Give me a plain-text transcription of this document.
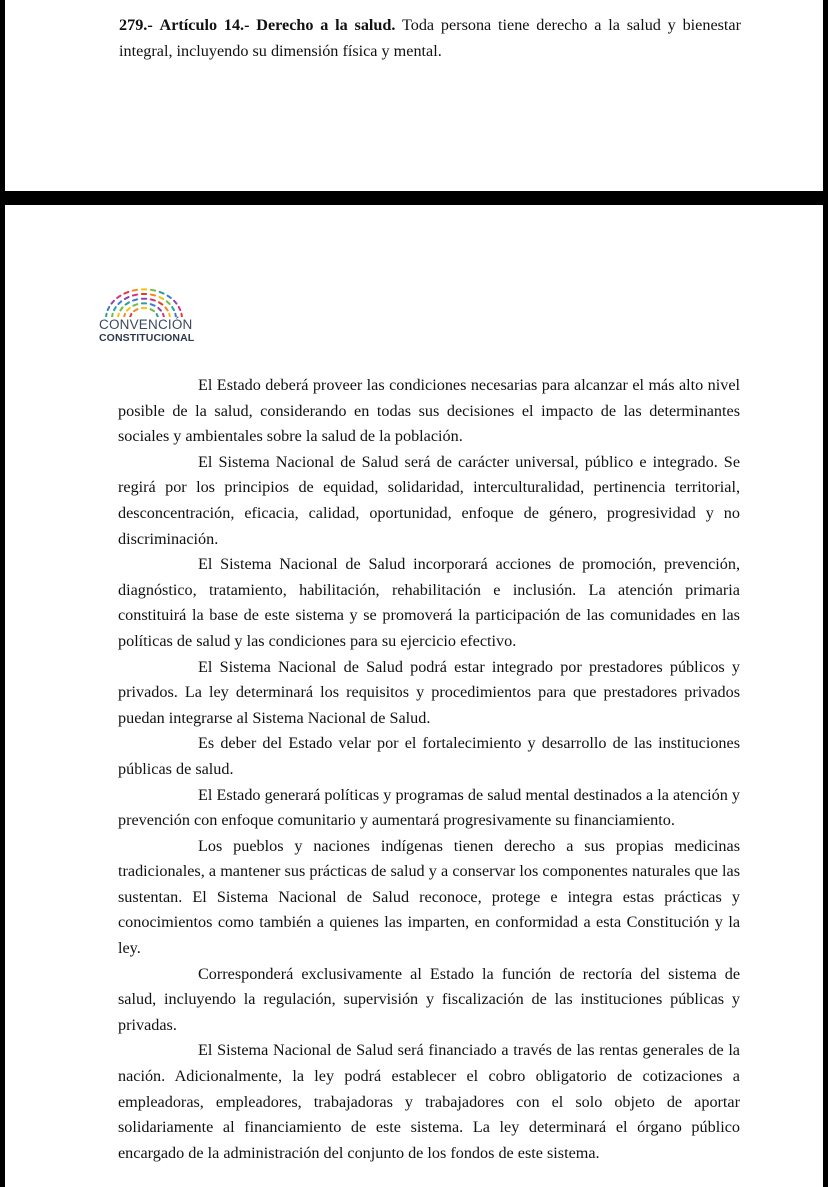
279.- Artículo 14.- Derecho a la salud. Toda persona tiene derecho a la salud y bienestar integral, incluyendo su dimensión física y mental.

CONVENCIÓN
CONSTITUCIONAL

El Estado deberá proveer las condiciones necesarias para alcanzar el más alto nivel posible de la salud, considerando en todas sus decisiones el impacto de las determinantes sociales y ambientales sobre la salud de la población.

El Sistema Nacional de Salud será de carácter universal, público e integrado. Se regirá por los principios de equidad, solidaridad, interculturalidad, pertinencia territorial, desconcentración, eficacia, calidad, oportunidad, enfoque de género, progresividad y no discriminación.

El Sistema Nacional de Salud incorporará acciones de promoción, prevención, diagnóstico, tratamiento, habilitación, rehabilitación e inclusión. La atención primaria constituirá la base de este sistema y se promoverá la participación de las comunidades en las políticas de salud y las condiciones para su ejercicio efectivo.

El Sistema Nacional de Salud podrá estar integrado por prestadores públicos y privados. La ley determinará los requisitos y procedimientos para que prestadores privados puedan integrarse al Sistema Nacional de Salud.

Es deber del Estado velar por el fortalecimiento y desarrollo de las instituciones públicas de salud.

El Estado generará políticas y programas de salud mental destinados a la atención y prevención con enfoque comunitario y aumentará progresivamente su financiamiento.

Los pueblos y naciones indígenas tienen derecho a sus propias medicinas tradicionales, a mantener sus prácticas de salud y a conservar los componentes naturales que las sustentan. El Sistema Nacional de Salud reconoce, protege e integra estas prácticas y conocimientos como también a quienes las imparten, en conformidad a esta Constitución y la ley.

Corresponderá exclusivamente al Estado la función de rectoría del sistema de salud, incluyendo la regulación, supervisión y fiscalización de las instituciones públicas y privadas.

El Sistema Nacional de Salud será financiado a través de las rentas generales de la nación. Adicionalmente, la ley podrá establecer el cobro obligatorio de cotizaciones a empleadoras, empleadores, trabajadoras y trabajadores con el solo objeto de aportar solidariamente al financiamiento de este sistema. La ley determinará el órgano público encargado de la administración del conjunto de los fondos de este sistema.
